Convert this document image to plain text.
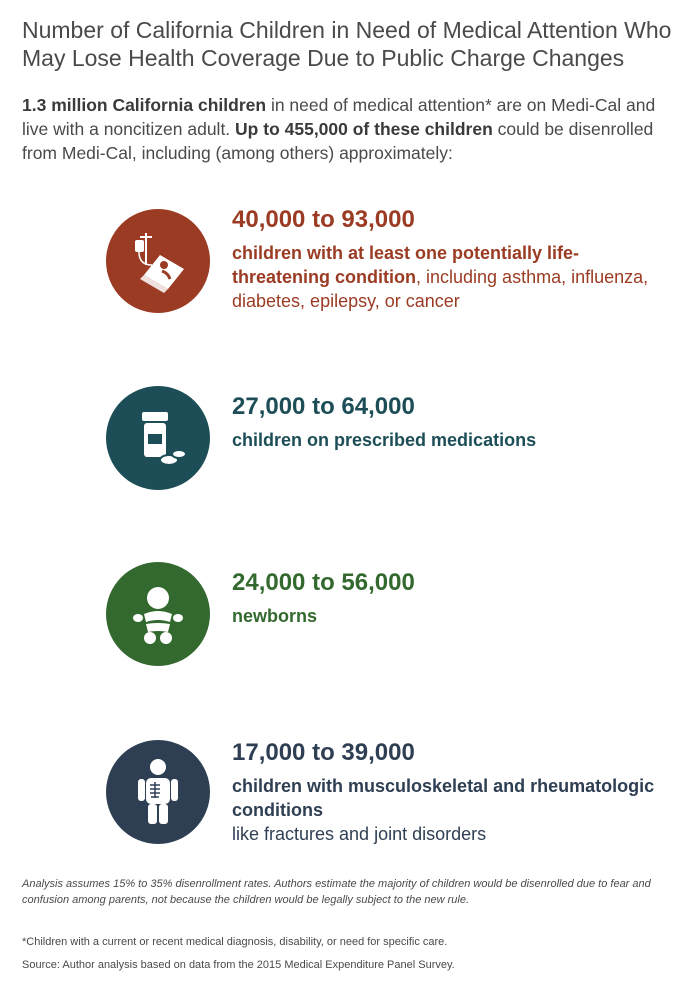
Number of California Children in Need of Medical Attention Who
May Lose Health Coverage Due to Public Charge Changes
1.3 million California children in need of medical attention* are on Medi-Cal and live with a noncitizen adult. Up to 455,000 of these children could be disenrolled from Medi-Cal, including (among others) approximately:
40,000 to 93,000
children with at least one potentially life-threatening condition, including asthma, influenza, diabetes, epilepsy, or cancer
27,000 to 64,000
children on prescribed medications
24,000 to 56,000
newborns
17,000 to 39,000
children with musculoskeletal and rheumatologic conditions
like fractures and joint disorders
Analysis assumes 15% to 35% disenrollment rates. Authors estimate the majority of children would be disenrolled due to fear and confusion among parents, not because the children would be legally subject to the new rule.
*Children with a current or recent medical diagnosis, disability, or need for specific care.
Source: Author analysis based on data from the 2015 Medical Expenditure Panel Survey.
